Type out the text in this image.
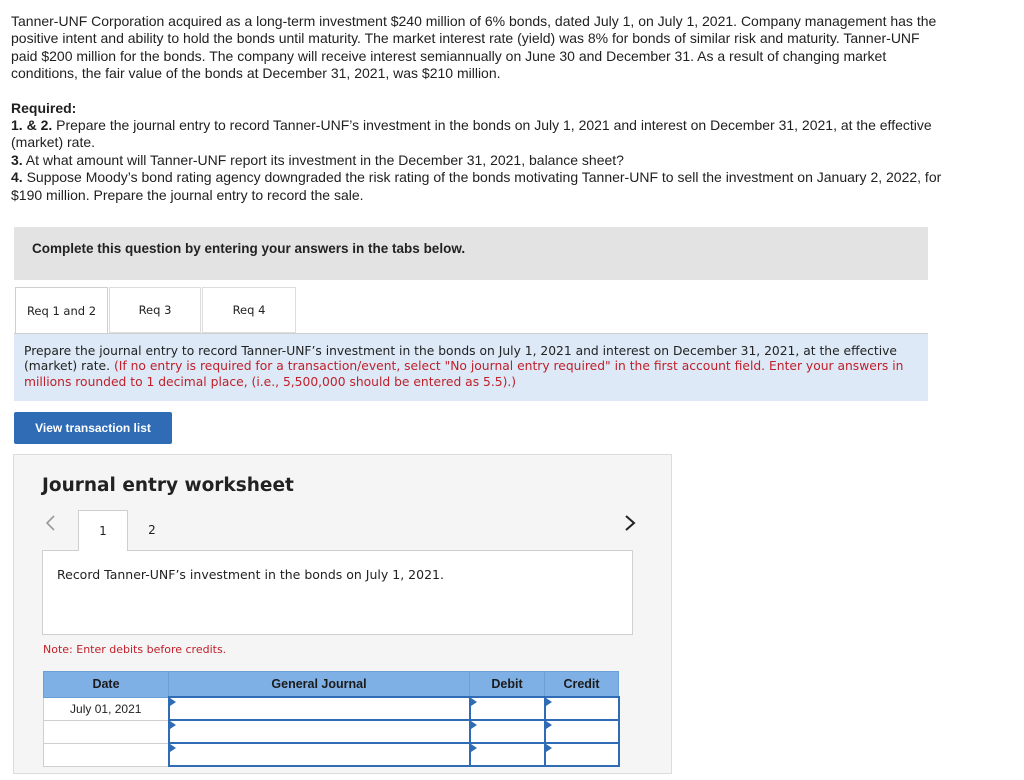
Tanner-UNF Corporation acquired as a long-term investment $240 million of 6% bonds, dated July 1, on July 1, 2021. Company management has the positive intent and ability to hold the bonds until maturity. The market interest rate (yield) was 8% for bonds of similar risk and maturity. Tanner-UNF paid $200 million for the bonds. The company will receive interest semiannually on June 30 and December 31. As a result of changing market conditions, the fair value of the bonds at December 31, 2021, was $210 million.

Required:

1. & 2. Prepare the journal entry to record Tanner-UNF’s investment in the bonds on July 1, 2021 and interest on December 31, 2021, at the effective (market) rate.

3. At what amount will Tanner-UNF report its investment in the December 31, 2021, balance sheet?

4. Suppose Moody’s bond rating agency downgraded the risk rating of the bonds motivating Tanner-UNF to sell the investment on January 2, 2022, for $190 million. Prepare the journal entry to record the sale.

Complete this question by entering your answers in the tabs below.
Req 1 and 2	Req 3	Req 4
Prepare the journal entry to record Tanner-UNF’s investment in the bonds on July 1, 2021 and interest on December 31, 2021, at the effective (market) rate. (If no entry is required for a transaction/event, select "No journal entry required" in the first account field. Enter your answers in millions rounded to 1 decimal place, (i.e., 5,500,000 should be entered as 5.5).)
View transaction list
Journal entry worksheet
1	2
Record Tanner-UNF’s investment in the bonds on July 1, 2021.
Note: Enter debits before credits.
Date	General Journal	Debit	Credit
July 01, 2021			
